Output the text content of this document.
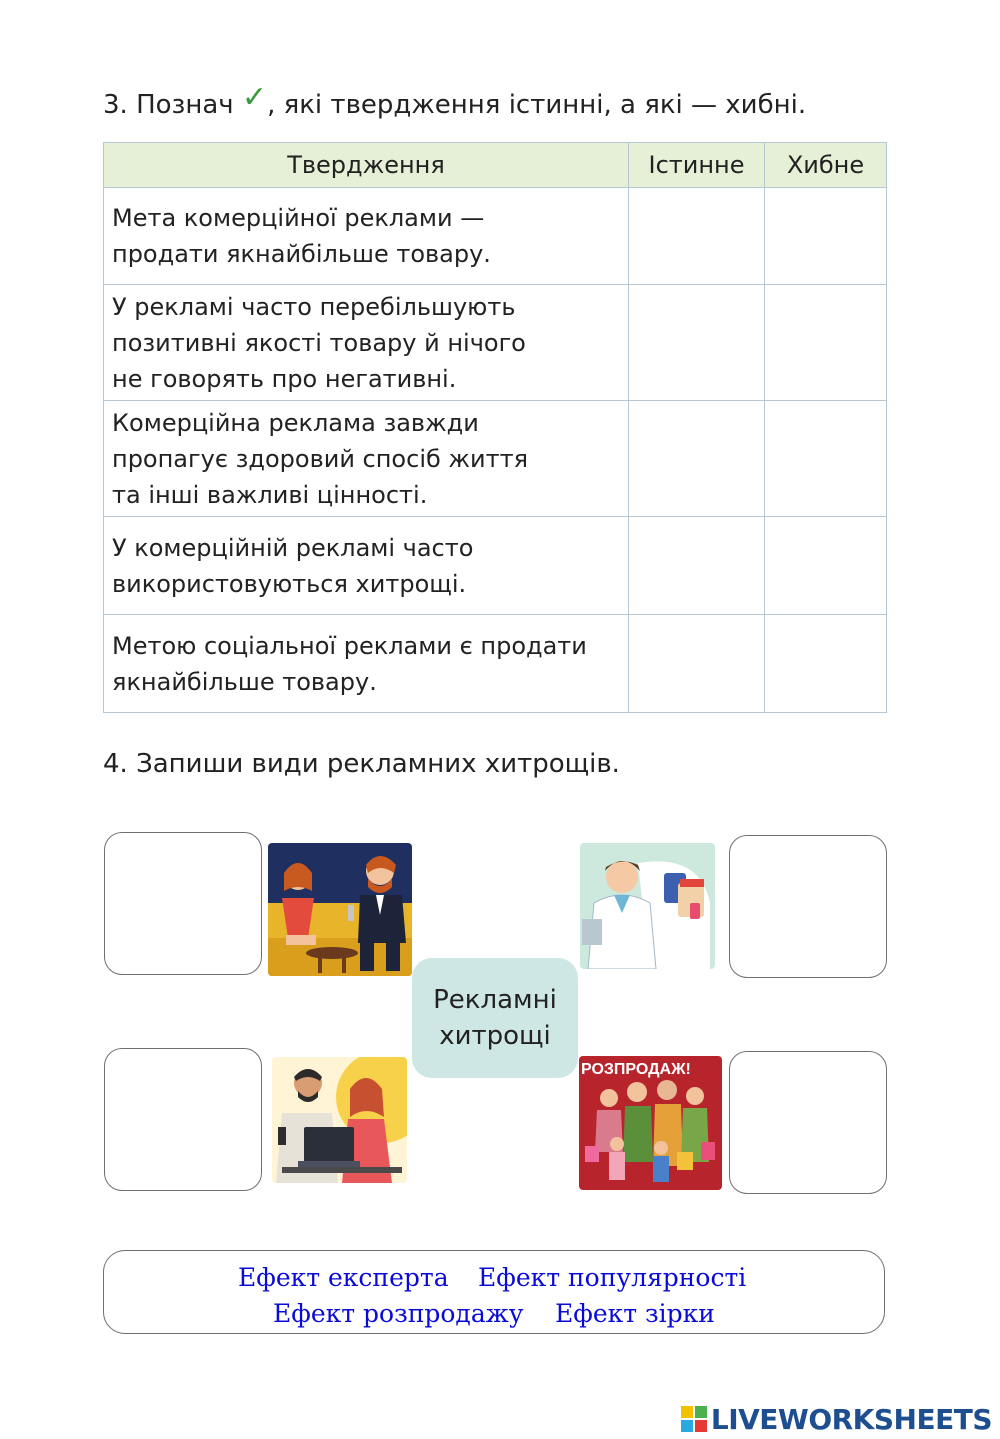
3. Познач ✓, які твердження істинні, а які — хибні.
Твердження	Істинне	Хибне

Мета комерційної реклами —
продати якнайбільше товару.		

У рекламі часто перебільшують
позитивні якості товару й нічого
не говорять про негативні.		

Комерційна реклама завжди
пропагує здоровий спосіб життя
та інші важливі цінності.		

У комерційній рекламі часто
використовуються хитрощі.		

Метою соціальної реклами є продати
якнайбільше товару.		

4. Запиши види рекламних хитрощів.
РОЗПРОДАЖ!
Рекламні
хитрощі
Ефект експерта Ефект популярності
Ефект розпродажу Ефект зірки
LIVEWORKSHEETS
